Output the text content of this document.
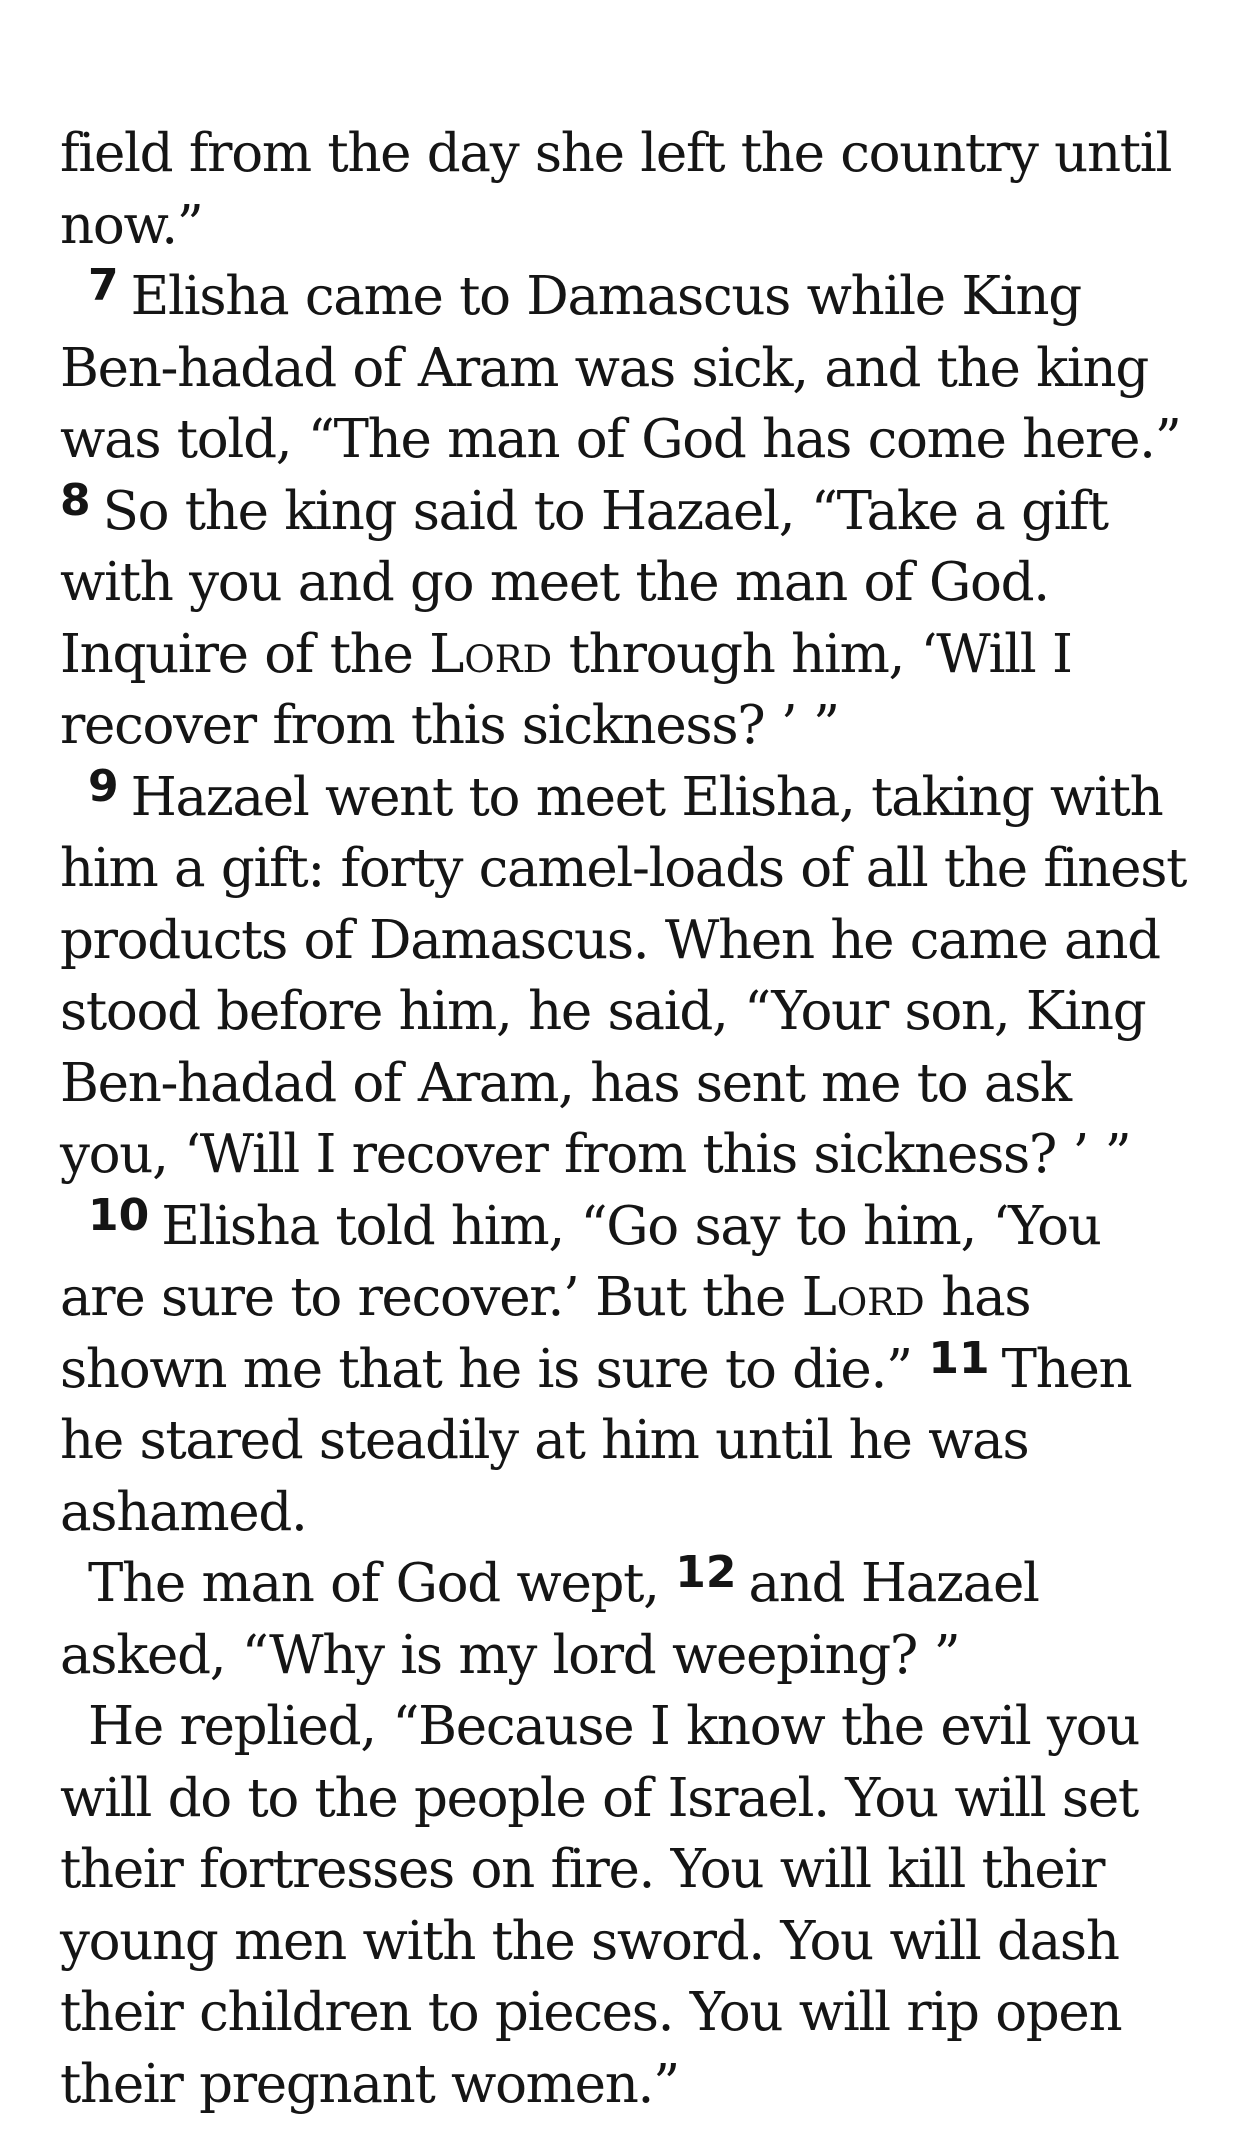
field from the day she left the country until now.”

$^7$ Elisha came to Damascus while King Ben-hadad of Aram was sick, and the king was told, “The man of God has come here.” $^8$ So the king said to Hazael, “Take a gift with you and go meet the man of God. Inquire of the Lord through him, ‘Will I recover from this sickness? ’ ”

$^9$ Hazael went to meet Elisha, taking with him a gift: forty camel-loads of all the finest products of Damascus. When he came and stood before him, he said, “Your son, King Ben-hadad of Aram, has sent me to ask you, ‘Will I recover from this sickness? ’ ”

$^{10}$ Elisha told him, “Go say to him, ‘You are sure to recover.’ But the Lord has shown me that he is sure to die.” $^{11}$ Then he stared steadily at him until he was ashamed.

The man of God wept, $^{12}$ and Hazael asked, “Why is my lord weeping? ”

He replied, “Because I know the evil you will do to the people of Israel. You will set their fortresses on fire. You will kill their young men with the sword. You will dash their children to pieces. You will rip open their pregnant women.”
